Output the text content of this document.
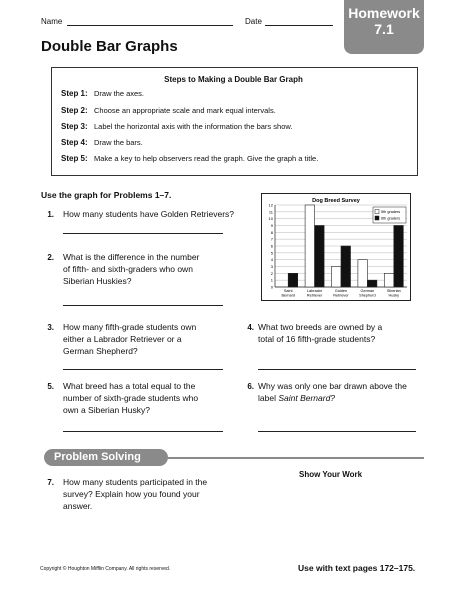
Name	Date
Homework
7.1
Double Bar Graphs
Steps to Making a Double Bar Graph
Step 1: Draw the axes.
Step 2: Choose an appropriate scale and mark equal intervals.
Step 3: Label the horizontal axis with the information the bars show.
Step 4: Draw the bars.
Step 5: Make a key to help observers read the graph. Give the graph a title.
Use the graph for Problems 1–7.
1. How many students have Golden Retrievers?
2. What is the difference in the number
of fifth- and sixth-graders who own
Siberian Huskies?
3. How many fifth-grade students own
either a Labrador Retriever or a
German Shepherd?
4. What two breeds are owned by a
total of 16 fifth-grade students?
5. What breed has a total equal to the
number of sixth-grade students who
own a Siberian Husky?
6. Why was only one bar drawn above the
label Saint Bernard?
Problem Solving
7. How many students participated in the
survey? Explain how you found your
answer.
Show Your Work
Copyright © Houghton Mifflin Company. All rights reserved.	Use with text pages 172–175.
Dog Breed Survey
0
1
2
3
4
5
6
7
8
9
10
11
12
Saint
Bernard
Labrador
Retriever
Golden
Retriever
German
Shepherd
Siberian
Husky
5th graders
6th graders
